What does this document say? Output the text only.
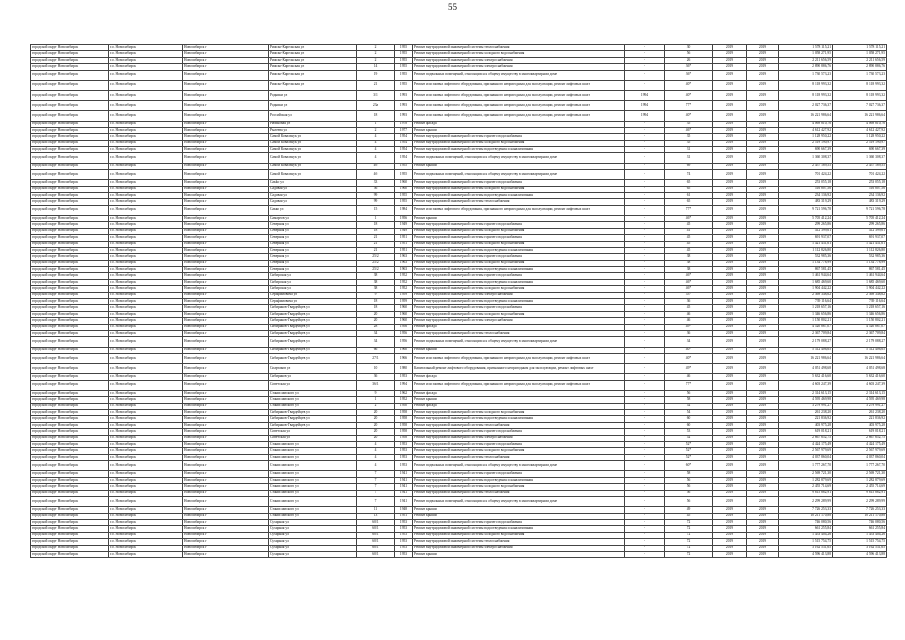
55
городской округ Новосибирск	г.о. Новосибирск	Новосибирск г	Рижско-Карельская ул	2	1955	Ремонт внутридомовой инженерной системы теплоснабжения	-	30	2019	2019	1 578 115,21	1 578 115,21
городской округ Новосибирск	г.о. Новосибирск	Новосибирск г	Рижско-Карельская ул	2	1955	Ремонт внутридомовой инженерной системы холодного водоснабжения	-	56	2019	2019	1 058 271,95	1 058 271,95
городской округ Новосибирск	г.о. Новосибирск	Новосибирск г	Рижско-Карельская ул	2	1955	Ремонт внутридомовой инженерной системы электроснабжения	-	26	2019	2019	2 211 656,59	2 211 656,59
городской округ Новосибирск	г.о. Новосибирск	Новосибирск г	Рижско-Карельская ул	14	1955	Ремонт внутридомовой инженерной системы электроснабжения	-	36*	2019	2019	2 890 886,76	2 890 886,76
городской округ Новосибирск	г.о. Новосибирск	Новосибирск г	Рижско-Карельская ул	19	1955	Ремонт подвальных помещений, относящихся к общему имуществу в многоквартирном доме	-	36*	2019	2019	1 730 573,23	1 730 573,23
городской округ Новосибирск	г.о. Новосибирск	Новосибирск г	Рижско-Карельская ул	21	1955	Ремонт или замена лифтового оборудования, признанного непригодным для эксплуатации, ремонт лифтовых шахт	-	40*	2019	2019	8 118 993,32	8 118 993,32
городской округ Новосибирск	г.о. Новосибирск	Новосибирск г	Родники ул	3/1	1993	Ремонт или замена лифтового оборудования, признанного непригодным для эксплуатации, ремонт лифтовых шахт	1994	40*	2019	2019	8 118 993,32	8 118 993,32
городской округ Новосибирск	г.о. Новосибирск	Новосибирск г	Родники ул	23а	1993	Ремонт или замена лифтового оборудования, признанного непригодным для эксплуатации, ремонт лифтовых шахт	1994	77*	2019	2019	2 027 736,37	7 027 736,37
городской округ Новосибирск	г.о. Новосибирск	Новосибирск г	Российская ул	18	1993	Ремонт или замена лифтового оборудования, признанного непригодным для эксплуатации, ремонт лифтовых шахт	1994	40*	2019	2019	16 221 986,64	16 221 986,64
городской округ Новосибирск	г.о. Новосибирск	Новосибирск г	Рябиновая ул	1	1978	Ремонт фасада	-	35	2019	2019	4 069 810,76	4 069 810,76
городской округ Новосибирск	г.о. Новосибирск	Новосибирск г	Рылеева ул	2	1977	Ремонт крыши	-	46*	2019	2019	4 612 427,92	4 612 427,92
городской округ Новосибирск	г.о. Новосибирск	Новосибирск г	Самой Ковальчук ул	4	1954	Ремонт внутридомовой инженерной системы горячего водоснабжения	-	35	2019	2019	1 128 950,22	1 128 950,22
городской округ Новосибирск	г.о. Новосибирск	Новосибирск г	Самой Ковальчук ул	4	1954	Ремонт внутридомовой инженерной системы холодного водоснабжения	-	35	2019	2019	2 519 190,97	2 519 190,97
городской округ Новосибирск	г.о. Новосибирск	Новосибирск г	Самой Ковальчук ул	4	1954	Ремонт внутридомовой инженерной системы водоотведения и канализования	-	31	2019	2019	690 667,39	690 667,39
городской округ Новосибирск	г.о. Новосибирск	Новосибирск г	Самой Ковальчук ул	4	1954	Ремонт подвальных помещений, относящихся к общему имуществу в многоквартирном доме	-	31	2019	2019	1 360 308,37	1 360 308,37
городской округ Новосибирск	г.о. Новосибирск	Новосибирск г	Самой Ковальчук ул	4б	1955	Ремонт крыши	-	69	2019	2019	2 457 189,55	2 457 189,55
городской округ Новосибирск	г.о. Новосибирск	Новосибирск г	Самой Ковальчук ул	4б	1955	Ремонт подвальных помещений, относящихся к общему имуществу в многоквартирном доме	-	74	2019	2019	701 424,22	701 424,22
городской округ Новосибирск	г.о. Новосибирск	Новосибирск г	Сакko ул	33	1960	Ремонт внутридомовой инженерной системы горячего водоснабжения	-	65	2019	2019	253 055,18	253 055,18
городской округ Новосибирск	г.о. Новосибирск	Новосибирск г	Садовая ул	56	1960	Ремонт внутридомовой инженерной системы холодного водоснабжения	-	65	2019	2019	516 807,56	516 807,56
городской округ Новосибирск	г.о. Новосибирск	Новосибирск г	Садовая ул	99	1955	Ремонт внутридомовой инженерной системы водоотведения и канализования	-	61	2019	2019	234 136,92	234 136,92
городской округ Новосибирск	г.о. Новосибирск	Новосибирск г	Садовая ул	99	1955	Ремонт внутридомовой инженерной системы теплоснабжения	-	65	2019	2019	483 319,29	483 319,29
городской округ Новосибирск	г.о. Новосибирск	Новосибирск г	Сакко ул	15	1984	Ремонт или замена лифтового оборудования, признанного непригодным для эксплуатации, ремонт лифтовых шахт	-	77*	2019	2019	9 721 596,78	9 721 596,78
городской округ Новосибирск	г.о. Новосибирск	Новосибирск г	Самаргов ул	1	1956	Ремонт крыши	-	46*	2019	2019	5 705 412,24	5 705 412,24
городской округ Новосибирск	г.о. Новосибирск	Новосибирск г	Северная ул	18	1949	Ремонт внутридомовой инженерной системы горячего водоснабжения	-	45	2019	2019	299 265,86	299 265,86
городской округ Новосибирск	г.о. Новосибирск	Новосибирск г	Северная ул	18	1949	Ремонт внутридомовой инженерной системы холодного водоснабжения	-	41	2019	2019	412 399,61	412 399,61
городской округ Новосибирск	г.о. Новосибирск	Новосибирск г	Северная ул	21	1951	Ремонт внутридомовой инженерной системы горячего водоснабжения	-	45	2019	2019	691 937,07	691 937,07
городской округ Новосибирск	г.о. Новосибирск	Новосибирск г	Северная ул	21	1951	Ремонт внутридомовой инженерной системы холодного водоснабжения	-	45	2019	2019	1 421 431,61	1 421 431,61
городской округ Новосибирск	г.о. Новосибирск	Новосибирск г	Северная ул	21	1951	Ремонт внутридомовой инженерной системы водоотведения и канализования	-	45	2019	2019	1 112 826,80	1 112 826,80
городской округ Новосибирск	г.о. Новосибирск	Новосибирск г	Северная ул	25/2	1963	Ремонт внутридомовой инженерной системы горячего водоснабжения	-	38	2019	2019	532 985,36	532 985,36
городской округ Новосибирск	г.о. Новосибирск	Новосибирск г	Северная ул	25/2	1963	Ремонт внутридомовой инженерной системы холодного водоснабжения	-	38	2019	2019	1 134 778,99	1 134 778,99
городской округ Новосибирск	г.о. Новосибирск	Новосибирск г	Северная ул	25/2	1963	Ремонт внутридомовой инженерной системы водоотведения и канализования	-	38	2019	2019	867 581,45	867 581,45
городской округ Новосибирск	г.о. Новосибирск	Новосибирск г	Сибирская ул	38	1952	Ремонт внутридомовой инженерной системы горячего водоснабжения	-	46*	2019	2019	1 461 944,64	1 461 944,64
городской округ Новосибирск	г.о. Новосибирск	Новосибирск г	Сибирская ул	38	1952	Ремонт внутридомовой инженерной системы водоотведения и канализования	-	46*	2019	2019	1 685 469,60	1 685 469,60
городской округ Новосибирск	г.о. Новосибирск	Новосибирск г	Сибирская ул	38	1952	Ремонт внутридомовой инженерной системы холодного водоснабжения	-	46*	2019	2019	1 904 442,22	1 904 442,22
городской округ Новосибирск	г.о. Новосибирск	Новосибирск г	Серафимовича ул	9	1959	Ремонт внутридомовой инженерной системы электроснабжения	-	53*	2019	2019	2 369 348,62	2 369 348,62
городской округ Новосибирск	г.о. Новосибирск	Новосибирск г	Серафимовича ул	18	1959	Ремонт внутридомовой инженерной системы водоотведения и канализования	-	36	2019	2019	739 116,64	739 116,64
городской округ Новосибирск	г.о. Новосибирск	Новосибирск г	Сибиряков-Гвардейцев ул	18	1960	Ремонт внутридомовой инженерной системы горячего водоснабжения	-	45	2019	2019	1 218 657,16	1 218 657,16
городской округ Новосибирск	г.о. Новосибирск	Новосибирск г	Сибиряков-Гвардейцев ул	20	1960	Ремонт внутридомовой инженерной системы холодного водоснабжения	-	46	2019	2019	1 346 656,86	1 346 656,86
городской округ Новосибирск	г.о. Новосибирск	Новосибирск г	Сибиряков-Гвардейцев ул	20	1960	Ремонт внутридомовой инженерной системы электроснабжения	-	46	2019	2019	1 150 802,21	1 150 802,21
городской округ Новосибирск	г.о. Новосибирск	Новосибирск г	Сибиряков-Гвардейцев ул	28	1956	Ремонт фасада	-	49*	2019	2019	4 520 867,07	4 520 867,07
городской округ Новосибирск	г.о. Новосибирск	Новосибирск г	Сибиряков-Гвардейцев ул	34	1956	Ремонт внутридомовой инженерной системы теплоснабжения	-	36	2019	2019	2 367 709,84	2 367 709,84
городской округ Новосибирск	г.о. Новосибирск	Новосибирск г	Сибиряков-Гвардейцев ул	34	1956	Ремонт подвальных помещений, относящихся к общему имуществу в многоквартирном доме	-	34	2019	2019	2 179 088,27	2 179 088,27
городской округ Новосибирск	г.о. Новосибирск	Новосибирск г	Сибиряков-Гвардейцев ул	66	1960	Ремонт крыши	-	40*	2019	2019	5 312 406,65	5 312 406,65
городской округ Новосибирск	г.о. Новосибирск	Новосибирск г	Сибиряков-Гвардейцев ул	27/1	1966	Ремонт или замена лифтового оборудования, признанного непригодным для эксплуатации, ремонт лифтовых шахт	-	40*	2019	2019	16 221 986,64	16 221 986,64
городской округ Новосибирск	г.о. Новосибирск	Новосибирск г	Спартаков ул	10	1980	Капитальный ремонт лифтового оборудования, признанного непригодным для эксплуатации, ремонт лифтовых шахт	-	49*	2019	2019	4 051 498,68	4 051 498,68
городской округ Новосибирск	г.о. Новосибирск	Новосибирск г	Сибиряков ул	36	1953	Ремонт фасада	-	46	2019	2019	5 632 416,60	5 632 416,60
городской округ Новосибирск	г.о. Новосибирск	Новосибирск г	Советская ул	36/1	1994	Ремонт или замена лифтового оборудования, признанного непригодным для эксплуатации, ремонт лифтовых шахт	-	77*	2019	2019	4 603 247,39	4 603 247,39
городской округ Новосибирск	г.о. Новосибирск	Новосибирск г	Станиславского ул	9	1962	Ремонт фасада	-	56	2019	2019	2 314 613,15	2 314 613,15
городской округ Новосибирск	г.о. Новосибирск	Новосибирск г	Станиславского ул	1	1952	Ремонт крыши	-	58	2019	2019	4 595 469,98	4 595 469,98
городской округ Новосибирск	г.о. Новосибирск	Новосибирск г	Станиславского ул	2	1950	Ремонт фасада	-	52	2019	2019	3 279 991,27	3 279 991,27
городской округ Новосибирск	г.о. Новосибирск	Новосибирск г	Сибиряков-Гвардейцев ул	20	1958	Ремонт внутридомовой инженерной системы холодного водоснабжения	-	54	2019	2019	261 238,20	261 238,20
городской округ Новосибирск	г.о. Новосибирск	Новосибирск г	Сибиряков-Гвардейцев ул	20	1958	Ремонт внутридомовой инженерной системы водоотведения и канализования	-	60	2019	2019	221 836,92	221 836,92
городской округ Новосибирск	г.о. Новосибирск	Новосибирск г	Сибиряков-Гвардейцев ул	20	1958	Ремонт внутридомовой инженерной системы теплоснабжения	-	60	2019	2019	403 975,28	403 975,28
городской округ Новосибирск	г.о. Новосибирск	Новосибирск г	Советская ул	20	1958	Ремонт внутридомовой инженерной системы горячего водоснабжения	-	53	2019	2019	619 018,21	619 018,21
городской округ Новосибирск	г.о. Новосибирск	Новосибирск г	Советская ул	20	1958	Ремонт внутридомовой инженерной системы электроснабжения	-	52	2019	2019	2 667 652,75	2 667 652,75
городской округ Новосибирск	г.о. Новосибирск	Новосибирск г	Станиславского ул	4	1953	Ремонт внутридомовой инженерной системы горячего водоснабжения	-	52*	2019	2019	4 424 175,49	4 424 175,49
городской округ Новосибирск	г.о. Новосибирск	Новосибирск г	Станиславского ул	4	1953	Ремонт внутридомовой инженерной системы холодного водоснабжения	-	52*	2019	2019	2 567 979,69	2 567 979,69
городской округ Новосибирск	г.о. Новосибирск	Новосибирск г	Станиславского ул	4	1953	Ремонт внутридомовой инженерной системы теплоснабжения	-	52*	2019	2019	4 037 860,04	4 037 860,04
городской округ Новосибирск	г.о. Новосибирск	Новосибирск г	Станиславского ул	4	1953	Ремонт подвальных помещений, относящихся к общему имуществу в многоквартирном доме	-	60*	2019	2019	1 777 267,70	1 777 267,70
городской округ Новосибирск	г.о. Новосибирск	Новосибирск г	Станиславского ул	7	1941	Ремонт внутридомовой инженерной системы горячего водоснабжения	-	58	2019	2019	2 569 721,30	2 569 721,30
городской округ Новосибирск	г.о. Новосибирск	Новосибирск г	Станиславского ул	7	1941	Ремонт внутридомовой инженерной системы водоотведения и канализования	-	56	2019	2019	1 282 879,69	1 282 879,69
городской округ Новосибирск	г.о. Новосибирск	Новосибирск г	Станиславского ул	7	1941	Ремонт внутридомовой инженерной системы холодного водоснабжения	-	56	2019	2019	2 455 714,69	2 455 714,69
городской округ Новосибирск	г.о. Новосибирск	Новосибирск г	Станиславского ул	7	1941	Ремонт внутридомовой инженерной системы теплоснабжения	-	56	2019	2019	9 815 882,91	9 815 882,91
городской округ Новосибирск	г.о. Новосибирск	Новосибирск г	Станиславского ул	7	1941	Ремонт подвальных помещений, относящихся к общему имуществу в многоквартирном доме	-	56	2019	2019	2 299 289,99	2 299 289,99
городской округ Новосибирск	г.о. Новосибирск	Новосибирск г	Станиславского ул	11	1948	Ремонт крыши	-	49	2019	2019	7 726 253,33	7 726 253,33
городской округ Новосибирск	г.о. Новосибирск	Новосибирск г	Станиславского ул	13	1951	Ремонт крыши	-	45	2019	2019	10 211 170,88	10 211 170,88
городской округ Новосибирск	г.о. Новосибирск	Новосибирск г	Сухарная ул	60/1	1953	Ремонт внутридомовой инженерной системы горячего водоснабжения	-	72	2019	2019	746 080,56	746 080,56
городской округ Новосибирск	г.о. Новосибирск	Новосибирск г	Сухарная ул	60/1	1953	Ремонт внутридомовой инженерной системы водоотведения и канализования	-	72	2019	2019	661 255,84	661 255,84
городской округ Новосибирск	г.о. Новосибирск	Новосибирск г	Сухарная ул	60/1	1953	Ремонт внутридомовой инженерной системы холодного водоснабжения	-	72	2019	2019	1 453 404,26	1 453 404,26
городской округ Новосибирск	г.о. Новосибирск	Новосибирск г	Сухарная ул	60/1	1953	Ремонт внутридомовой инженерной системы теплоснабжения	-	72	2019	2019	1 515 754,75	1 515 754,75
городской округ Новосибирск	г.о. Новосибирск	Новосибирск г	Сухарная ул	60/1	1953	Ремонт внутридомовой инженерной системы электроснабжения	-	72	2019	2019	3 162 531,65	3 162 531,65
городской округ Новосибирск	г.о. Новосибирск	Новосибирск г	Сухарная ул	60/1	1953	Ремонт крыши	-	72	2019	2019	4 596 413,88	4 596 413,88
